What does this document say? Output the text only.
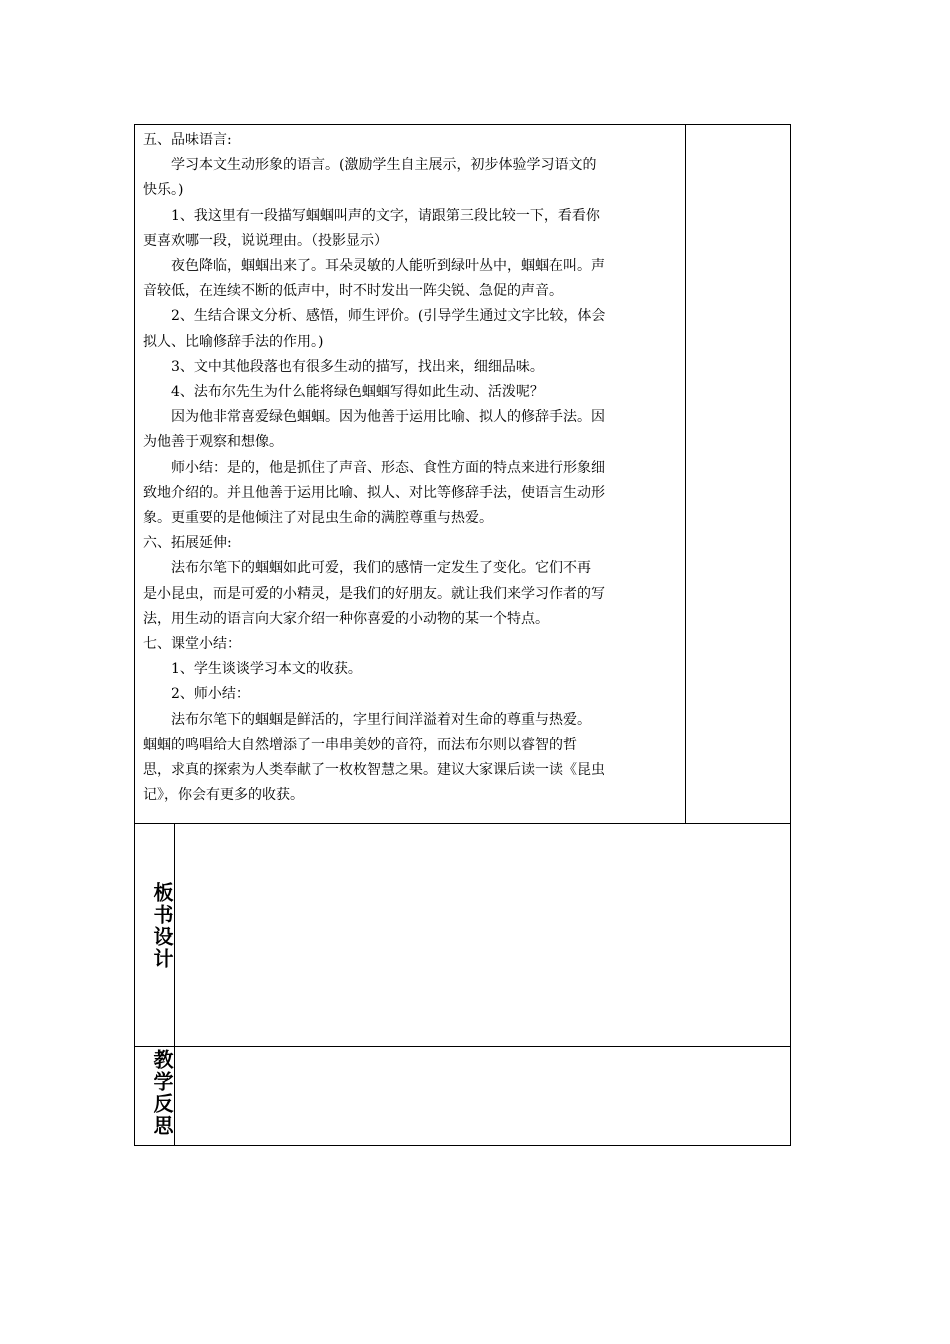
五、品味语言:
学习本文生动形象的语言。(激励学生自主展示，初步体验学习语文的
快乐。)
1、我这里有一段描写蝈蝈叫声的文字，请跟第三段比较一下，看看你
更喜欢哪一段，说说理由。（投影显示）
夜色降临，蝈蝈出来了。耳朵灵敏的人能听到绿叶丛中，蝈蝈在叫。声
音较低，在连续不断的低声中，时不时发出一阵尖锐、急促的声音。
2、生结合课文分析、感悟，师生评价。(引导学生通过文字比较，体会
拟人、比喻修辞手法的作用。)
3、文中其他段落也有很多生动的描写，找出来，细细品味。
4、法布尔先生为什么能将绿色蝈蝈写得如此生动、活泼呢？
因为他非常喜爱绿色蝈蝈。因为他善于运用比喻、拟人的修辞手法。因
为他善于观察和想像。
师小结：是的，他是抓住了声音、形态、食性方面的特点来进行形象细
致地介绍的。并且他善于运用比喻、拟人、对比等修辞手法，使语言生动形
象。更重要的是他倾注了对昆虫生命的满腔尊重与热爱。
六、拓展延伸:
法布尔笔下的蝈蝈如此可爱，我们的感情一定发生了变化。它们不再
是小昆虫，而是可爱的小精灵，是我们的好朋友。就让我们来学习作者的写
法，用生动的语言向大家介绍一种你喜爱的小动物的某一个特点。
七、课堂小结：
1、学生谈谈学习本文的收获。
2、师小结：
法布尔笔下的蝈蝈是鲜活的，字里行间洋溢着对生命的尊重与热爱。
蝈蝈的鸣唱给大自然增添了一串串美妙的音符，而法布尔则以睿智的哲
思，求真的探索为人类奉献了一枚枚智慧之果。建议大家课后读一读《昆虫
记》，你会有更多的收获。
板书设计
教学反思
